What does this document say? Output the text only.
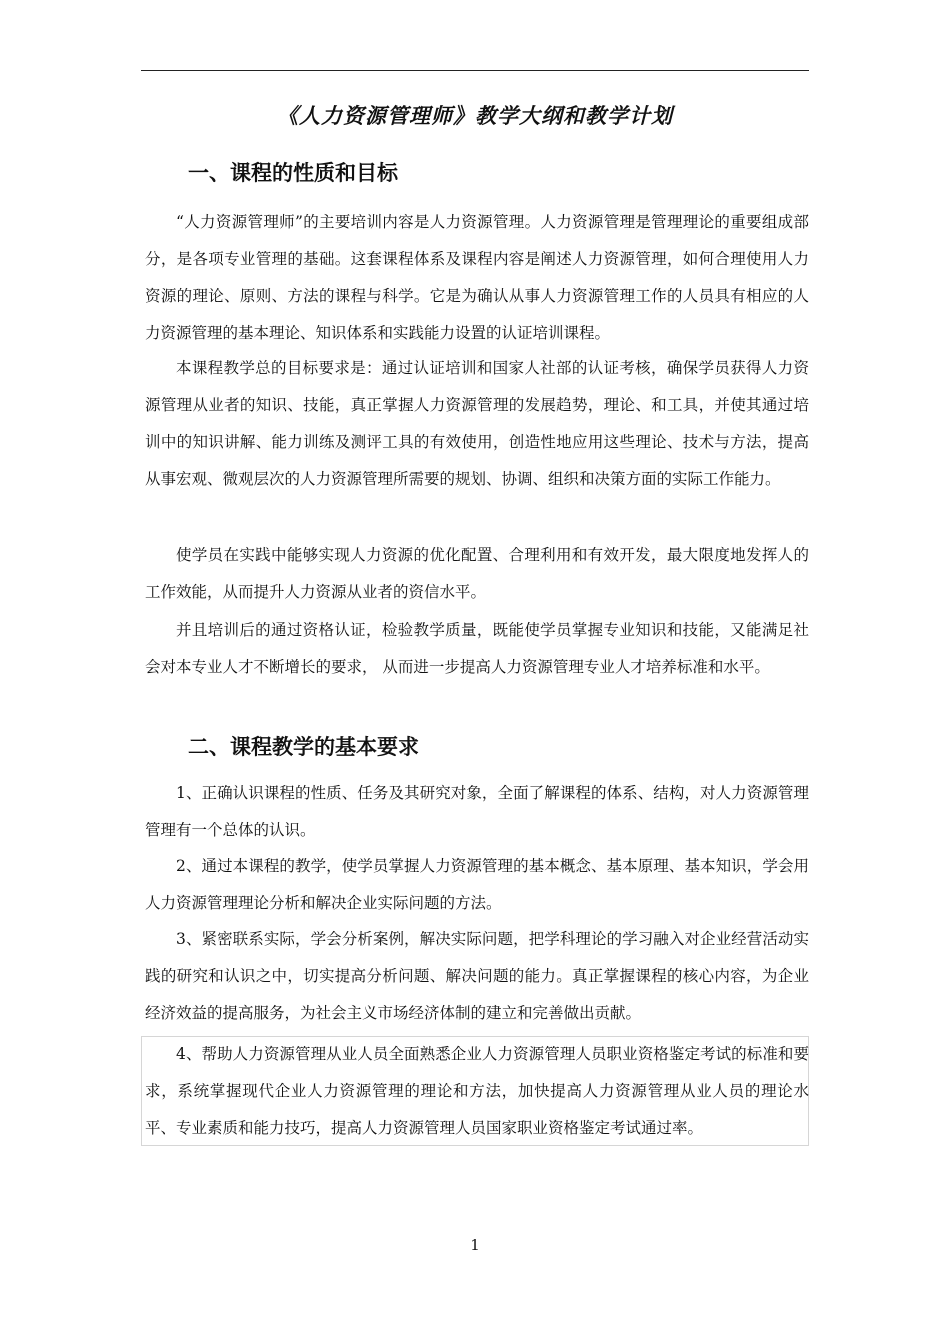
《人力资源管理师》教学大纲和教学计划
一、课程的性质和目标

“人力资源管理师”的主要培训内容是人力资源管理。人力资源管理是管理理论的重要组成部分，是各项专业管理的基础。这套课程体系及课程内容是阐述人力资源管理，如何合理使用人力资源的理论、原则、方法的课程与科学。它是为确认从事人力资源管理工作的人员具有相应的人力资源管理的基本理论、知识体系和实践能力设置的认证培训课程。

本课程教学总的目标要求是：通过认证培训和国家人社部的认证考核，确保学员获得人力资源管理从业者的知识、技能，真正掌握人力资源管理的发展趋势，理论、和工具，并使其通过培训中的知识讲解、能力训练及测评工具的有效使用，创造性地应用这些理论、技术与方法，提高从事宏观、微观层次的人力资源管理所需要的规划、协调、组织和决策方面的实际工作能力。

使学员在实践中能够实现人力资源的优化配置、合理利用和有效开发，最大限度地发挥人的工作效能，从而提升人力资源从业者的资信水平。

并且培训后的通过资格认证，检验教学质量，既能使学员掌握专业知识和技能，又能满足社会对本专业人才不断增长的要求， 从而进一步提高人力资源管理专业人才培养标准和水平。

二、课程教学的基本要求

1、正确认识课程的性质、任务及其研究对象，全面了解课程的体系、结构，对人力资源管理管理有一个总体的认识。

2、通过本课程的教学，使学员掌握人力资源管理的基本概念、基本原理、基本知识，学会用人力资源管理理论分析和解决企业实际问题的方法。

3、紧密联系实际，学会分析案例，解决实际问题，把学科理论的学习融入对企业经营活动实践的研究和认识之中，切实提高分析问题、解决问题的能力。真正掌握课程的核心内容，为企业经济效益的提高服务，为社会主义市场经济体制的建立和完善做出贡献。

4、帮助人力资源管理从业人员全面熟悉企业人力资源管理人员职业资格鉴定考试的标准和要求，系统掌握现代企业人力资源管理的理论和方法，加快提高人力资源管理从业人员的理论水平、专业素质和能力技巧，提高人力资源管理人员国家职业资格鉴定考试通过率。

1
